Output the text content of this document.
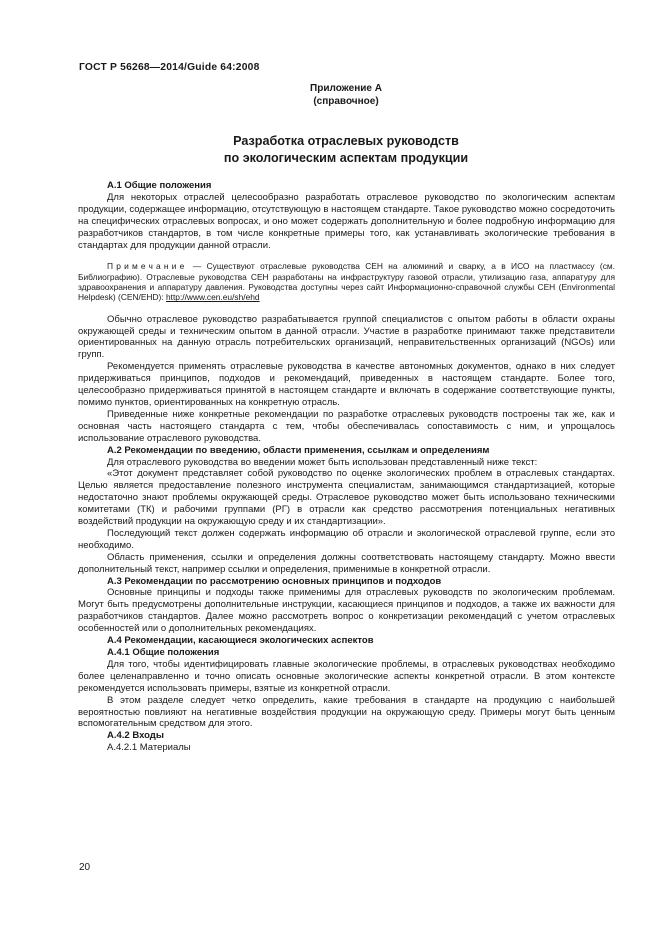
ГОСТ Р 56268—2014/Guide 64:2008
Приложение А
(справочное)
Разработка отраслевых руководств
по экологическим аспектам продукции
А.1 Общие положения

Для некоторых отраслей целесообразно разработать отраслевое руководство по экологическим аспектам продукции, содержащее информацию, отсутствующую в настоящем стандарте. Такое руководство можно сосредоточить на специфических отраслевых вопросах, и оно может содержать дополнительную и более подробную информацию для разработчиков стандартов, в том числе конкретные примеры того, как устанавливать экологические требования в стандартах для продукции данной отрасли.

Примечание — Существуют отраслевые руководства СЕН на алюминий и сварку, а в ИСО на пластмассу (см. Библиографию). Отраслевые руководства СЕН разработаны на инфраструктуру газовой отрасли, утилизацию газа, аппаратуру для здравоохранения и аппаратуру давления. Руководства доступны через сайт Информационно-справочной службы СЕН (Environmental Helpdesk) (CEN/EHD): http://www.cen.eu/sh/ehd

Обычно отраслевое руководство разрабатывается группой специалистов с опытом работы в области охраны окружающей среды и техническим опытом в данной отрасли. Участие в разработке принимают также представители ориентированных на данную отрасль потребительских организаций, неправительственных организаций (NGOs) или групп.

Рекомендуется применять отраслевые руководства в качестве автономных документов, однако в них следует придерживаться принципов, подходов и рекомендаций, приведенных в настоящем стандарте. Более того, целесообразно придерживаться принятой в настоящем стандарте и включать в содержание соответствующие пункты, помимо пунктов, ориентированных на конкретную отрасль.

Приведенные ниже конкретные рекомендации по разработке отраслевых руководств построены так же, как и основная часть настоящего стандарта с тем, чтобы обеспечивалась сопоставимость с ним, и упрощалось использование отраслевого руководства.

А.2 Рекомендации по введению, области применения, ссылкам и определениям

Для отраслевого руководства во введении может быть использован представленный ниже текст:

«Этот документ представляет собой руководство по оценке экологических проблем в отраслевых стандартах. Целью является предоставление полезного инструмента специалистам, занимающимся стандартизацией, которые недостаточно знают проблемы окружающей среды. Отраслевое руководство может быть использовано техническими комитетами (ТК) и рабочими группами (РГ) в отрасли как средство рассмотрения потенциальных негативных воздействий продукции на окружающую среду и их стандартизации».

Последующий текст должен содержать информацию об отрасли и экологической отраслевой группе, если это необходимо.

Область применения, ссылки и определения должны соответствовать настоящему стандарту. Можно ввести дополнительный текст, например ссылки и определения, применимые в конкретной отрасли.

А.3 Рекомендации по рассмотрению основных принципов и подходов

Основные принципы и подходы также применимы для отраслевых руководств по экологическим проблемам. Могут быть предусмотрены дополнительные инструкции, касающиеся принципов и подходов, а также их важности для разработчиков стандартов. Далее можно рассмотреть вопрос о конкретизации рекомендаций с учетом отраслевых особенностей или о дополнительных рекомендациях.

А.4 Рекомендации, касающиеся экологических аспектов
А.4.1 Общие положения

Для того, чтобы идентифицировать главные экологические проблемы, в отраслевых руководствах необходимо более целенаправленно и точно описать основные экологические аспекты конкретной отрасли. В этом контексте рекомендуется использовать примеры, взятые из конкретной отрасли.

В этом разделе следует четко определить, какие требования в стандарте на продукцию с наибольшей вероятностью повлияют на негативные воздействия продукции на окружающую среду. Примеры могут быть ценным вспомогательным средством для этого.

А.4.2 Входы

А.4.2.1 Материалы

20
